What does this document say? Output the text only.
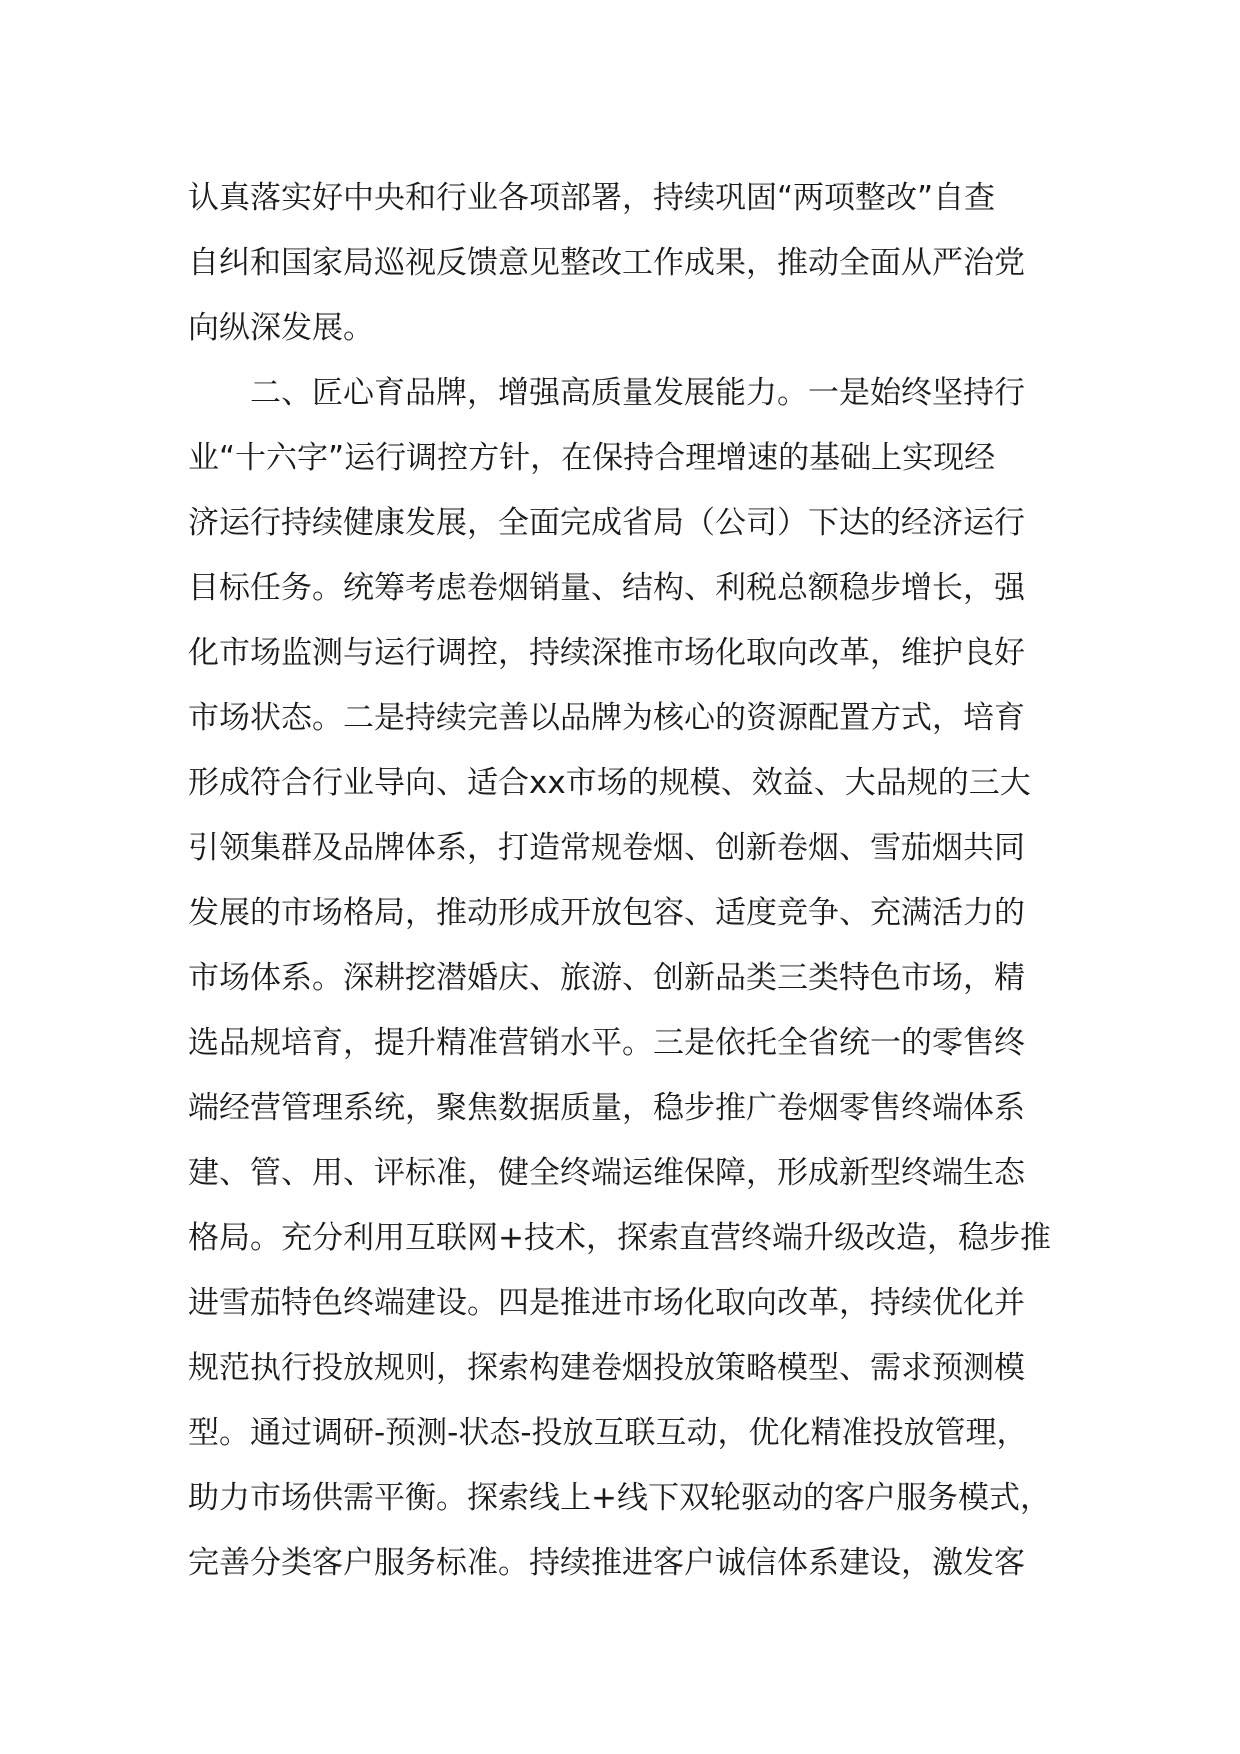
认真落实好中央和行业各项部署，持续巩固“两项整改”自查
自纠和国家局巡视反馈意见整改工作成果，推动全面从严治党
向纵深发展。
二、匠心育品牌，增强高质量发展能力。一是始终坚持行
业“十六字”运行调控方针，在保持合理增速的基础上实现经
济运行持续健康发展，全面完成省局（公司）下达的经济运行
目标任务。统筹考虑卷烟销量、结构、利税总额稳步增长，强
化市场监测与运行调控，持续深推市场化取向改革，维护良好
市场状态。二是持续完善以品牌为核心的资源配置方式，培育
形成符合行业导向、适合xx市场的规模、效益、大品规的三大
引领集群及品牌体系，打造常规卷烟、创新卷烟、雪茄烟共同
发展的市场格局，推动形成开放包容、适度竞争、充满活力的
市场体系。深耕挖潜婚庆、旅游、创新品类三类特色市场，精
选品规培育，提升精准营销水平。三是依托全省统一的零售终
端经营管理系统，聚焦数据质量，稳步推广卷烟零售终端体系
建、管、用、评标准，健全终端运维保障，形成新型终端生态
格局。充分利用互联网+技术，探索直营终端升级改造，稳步推
进雪茄特色终端建设。四是推进市场化取向改革，持续优化并
规范执行投放规则，探索构建卷烟投放策略模型、需求预测模
型。通过调研-预测-状态-投放互联互动，优化精准投放管理，
助力市场供需平衡。探索线上+线下双轮驱动的客户服务模式，
完善分类客户服务标准。持续推进客户诚信体系建设，激发客
